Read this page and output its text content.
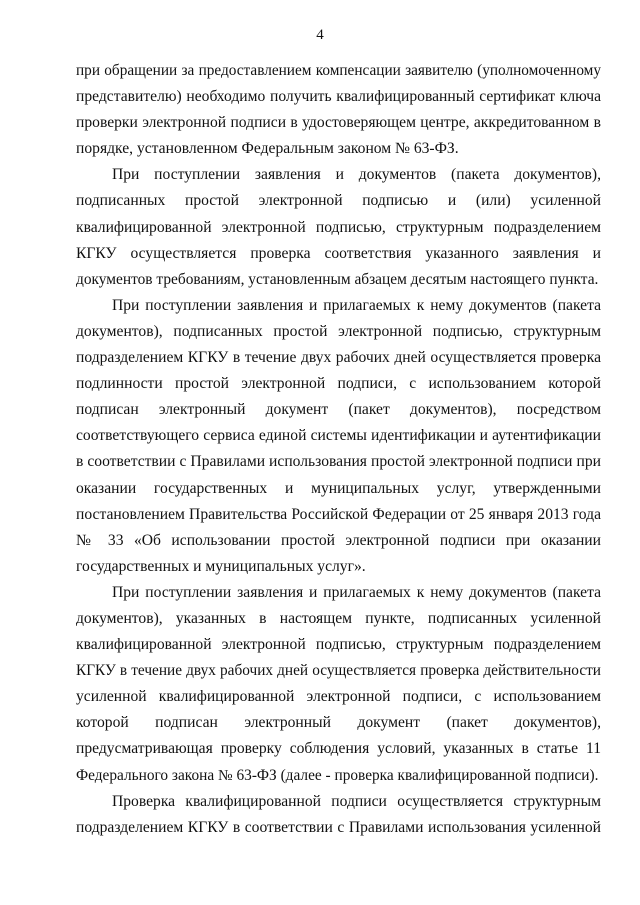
4
при обращении за предоставлением компенсации заявителю (уполномоченному
представителю) необходимо получить квалифицированный сертификат ключа
проверки электронной подписи в удостоверяющем центре, аккредитованном в
порядке, установленном Федеральным законом № 63-ФЗ.
При поступлении заявления и документов (пакета документов),
подписанных простой электронной подписью и (или) усиленной
квалифицированной электронной подписью, структурным подразделением
КГКУ осуществляется проверка соответствия указанного заявления и
документов требованиям, установленным абзацем десятым настоящего пункта.
При поступлении заявления и прилагаемых к нему документов (пакета
документов), подписанных простой электронной подписью, структурным
подразделением КГКУ в течение двух рабочих дней осуществляется проверка
подлинности простой электронной подписи, с использованием которой
подписан электронный документ (пакет документов), посредством
соответствующего сервиса единой системы идентификации и аутентификации
в соответствии с Правилами использования простой электронной подписи при
оказании государственных и муниципальных услуг, утвержденными
постановлением Правительства Российской Федерации от 25 января 2013 года
№ 33 «Об использовании простой электронной подписи при оказании
государственных и муниципальных услуг».
При поступлении заявления и прилагаемых к нему документов (пакета
документов), указанных в настоящем пункте, подписанных усиленной
квалифицированной электронной подписью, структурным подразделением
КГКУ в течение двух рабочих дней осуществляется проверка действительности
усиленной квалифицированной электронной подписи, с использованием
которой подписан электронный документ (пакет документов),
предусматривающая проверку соблюдения условий, указанных в статье 11
Федерального закона № 63-ФЗ (далее - проверка квалифицированной подписи).
Проверка квалифицированной подписи осуществляется структурным
подразделением КГКУ в соответствии с Правилами использования усиленной
